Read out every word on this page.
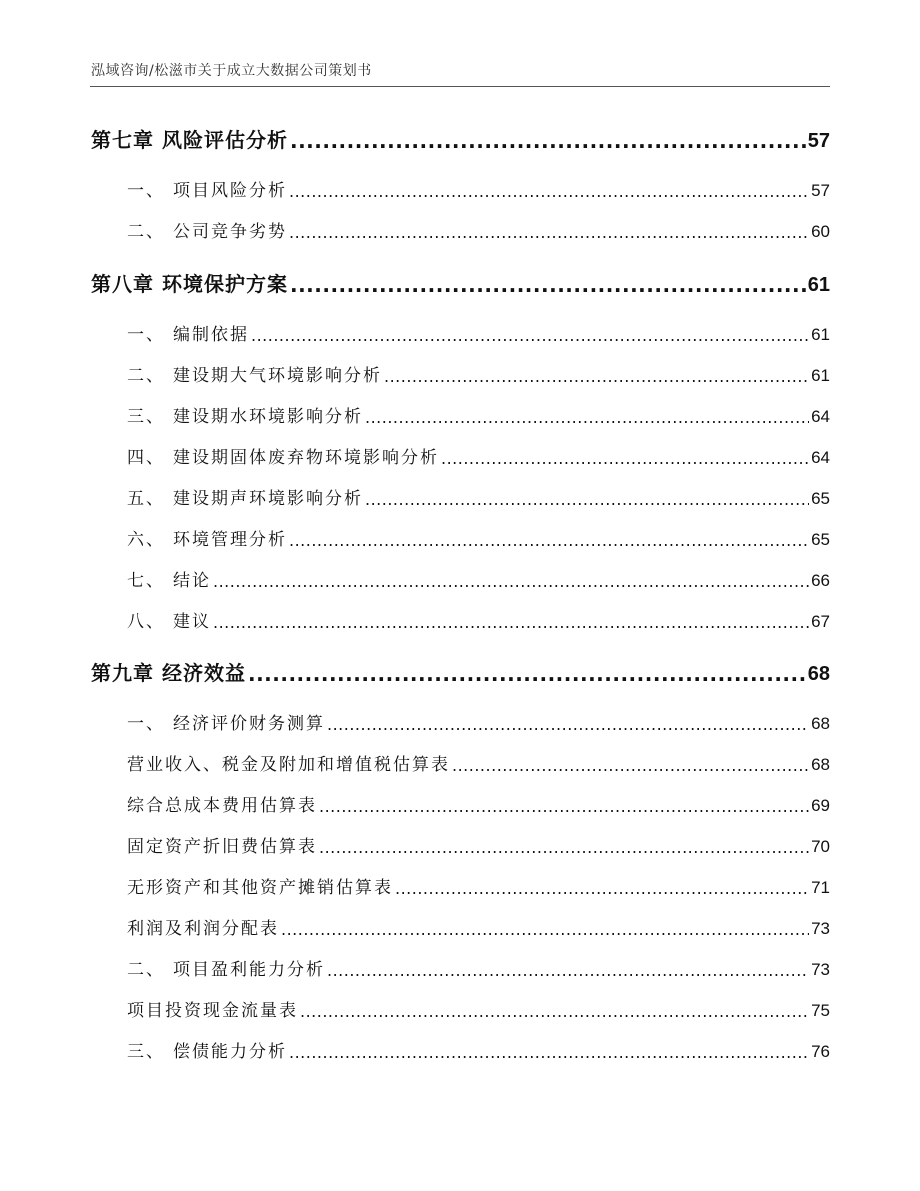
泓域咨询/松滋市关于成立大数据公司策划书
第七章 风险评估分析 .....	57
一、 项目风险分析 .....	57
二、 公司竞争劣势 .....	60
第八章 环境保护方案 .....	61
一、 编制依据 .....	61
二、 建设期大气环境影响分析 .....	61
三、 建设期水环境影响分析 .....	64
四、 建设期固体废弃物环境影响分析 .....	64
五、 建设期声环境影响分析 .....	65
六、 环境管理分析 .....	65
七、 结论 .....	66
八、 建议 .....	67
第九章 经济效益 .....	68
一、 经济评价财务测算 .....	68
营业收入、税金及附加和增值税估算表 .....	68
综合总成本费用估算表 .....	69
固定资产折旧费估算表 .....	70
无形资产和其他资产摊销估算表 .....	71
利润及利润分配表 .....	73
二、 项目盈利能力分析 .....	73
项目投资现金流量表 .....	75
三、 偿债能力分析 .....	76
